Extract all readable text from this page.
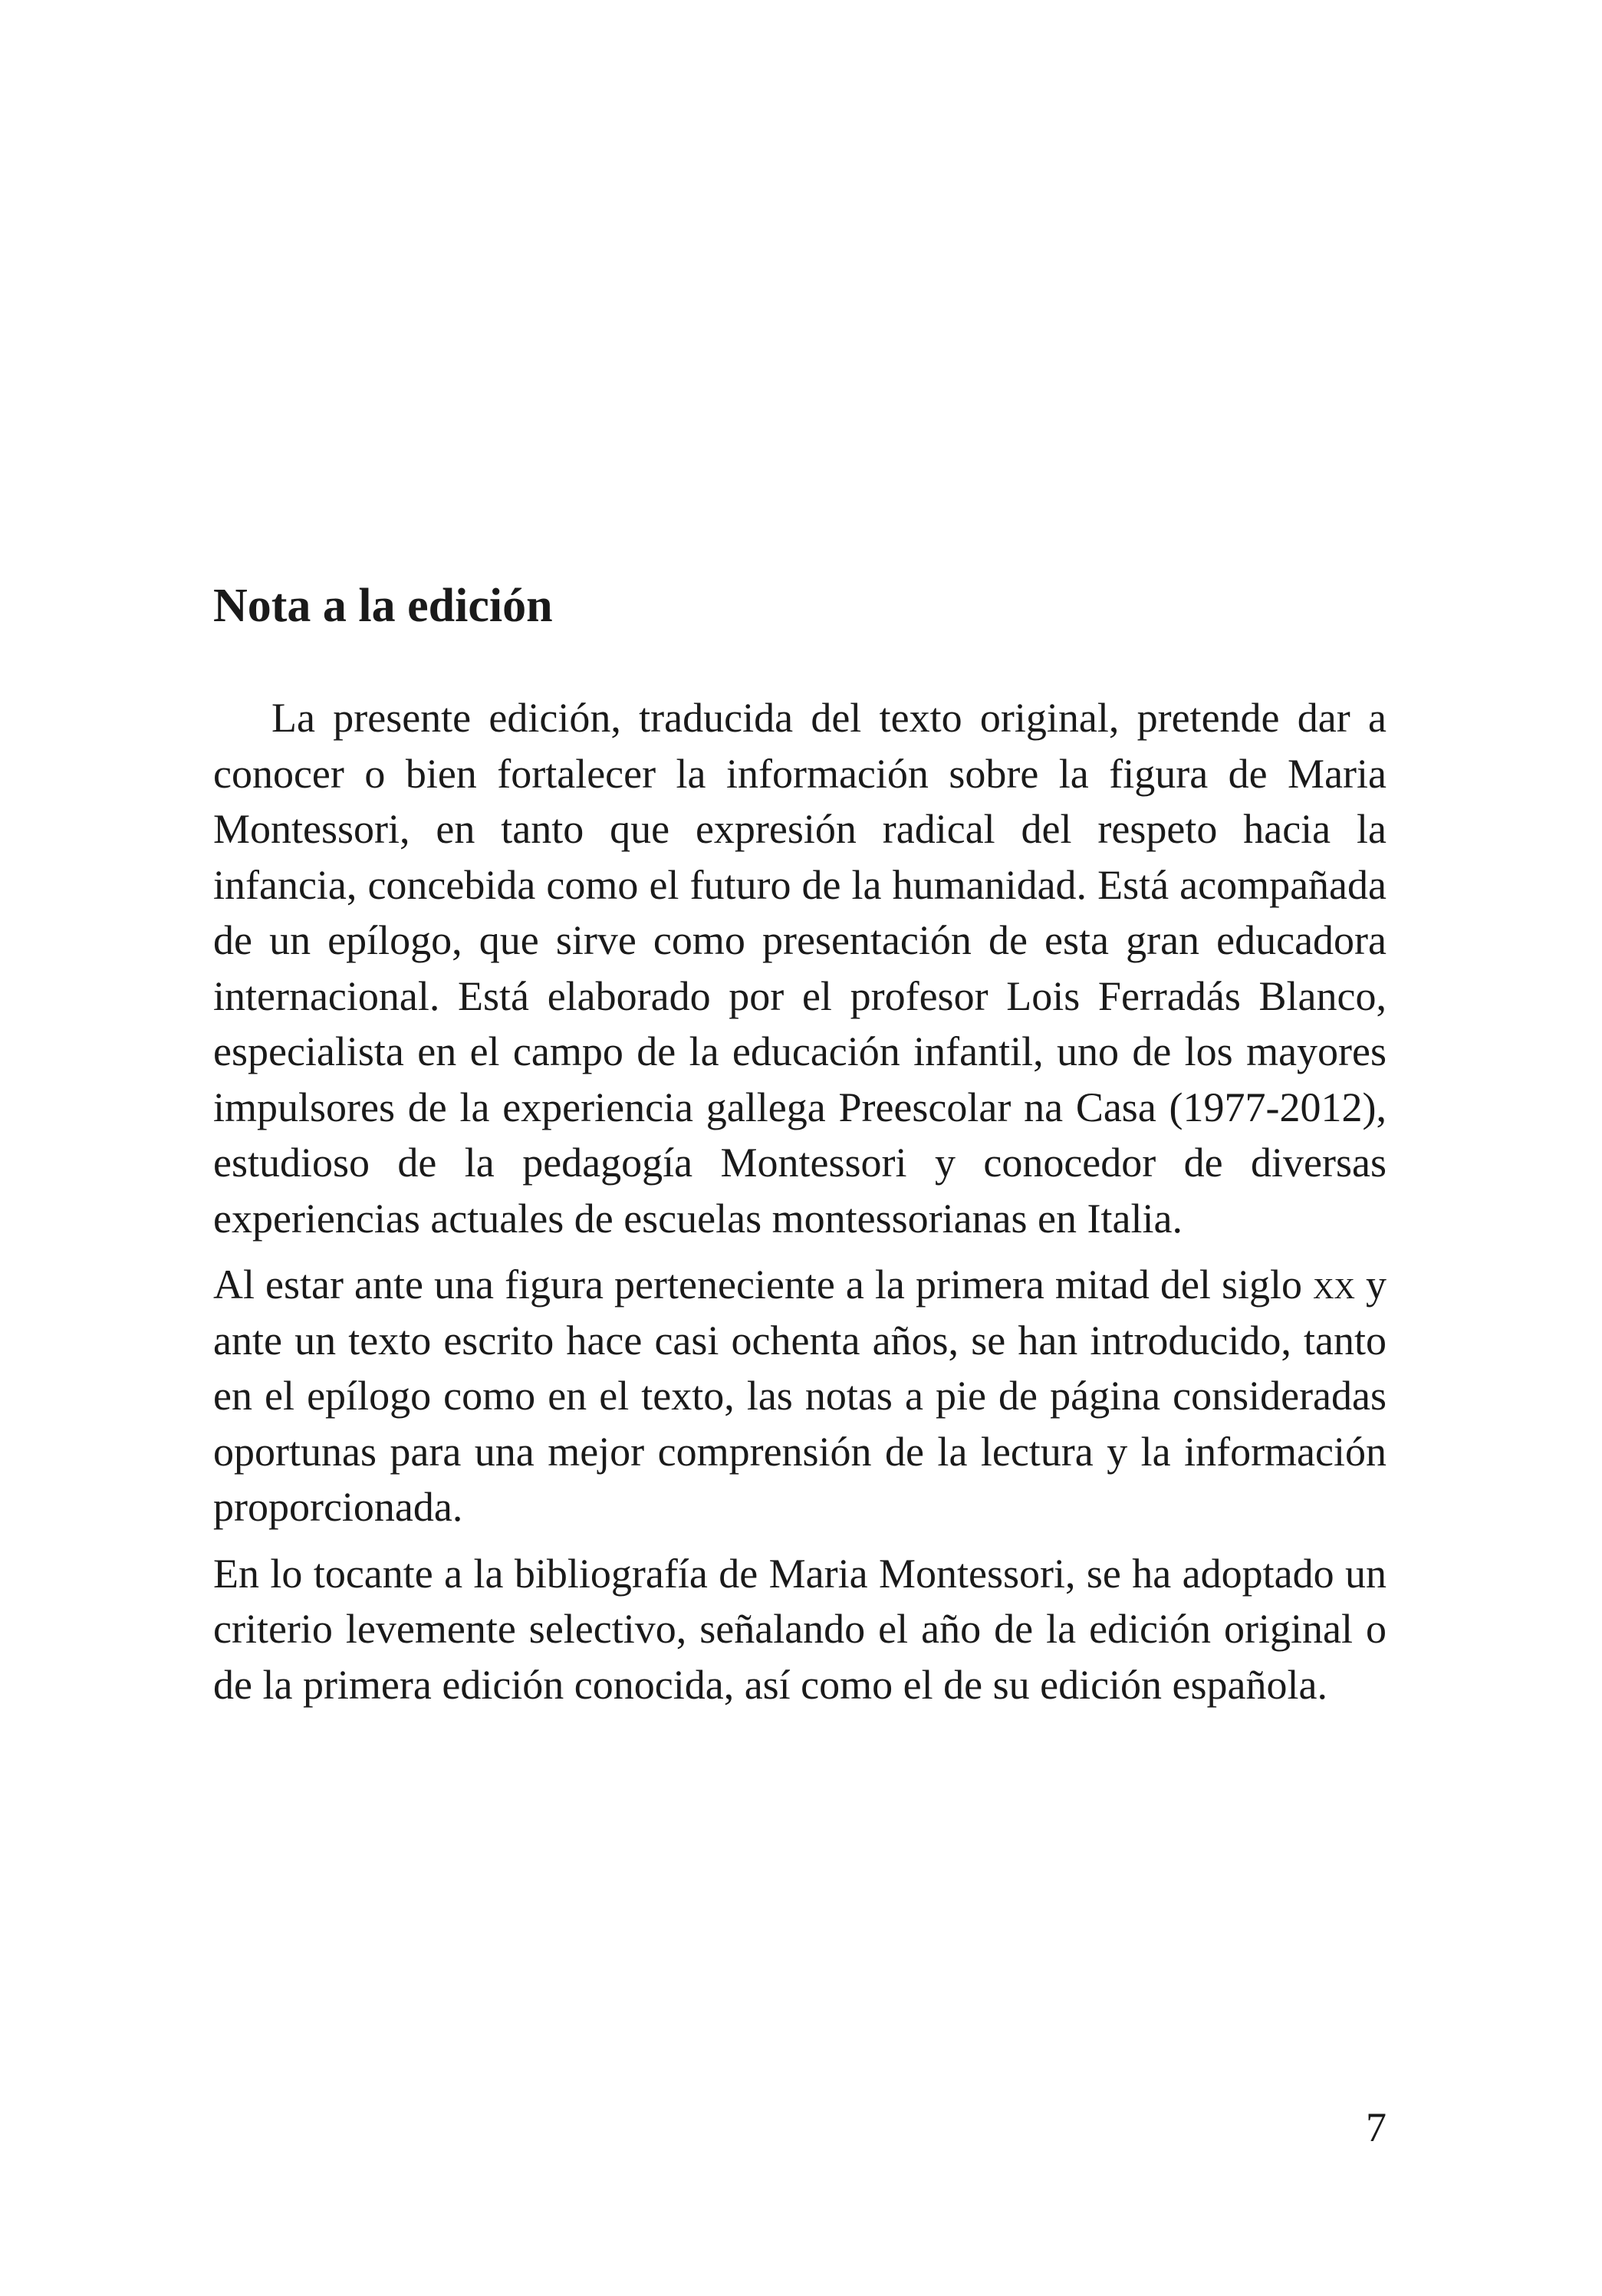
Nota a la edición

La presente edición, traducida del texto original, pretende dar a conocer o bien fortalecer la información sobre la figura de Maria Montessori, en tanto que expresión radical del respeto hacia la infancia, concebida como el futuro de la humanidad. Está acompañada de un epílogo, que sirve como presentación de esta gran educadora internacional. Está elaborado por el profesor Lois Ferradás Blanco, especialista en el campo de la educación infantil, uno de los mayores impulsores de la experiencia gallega Preescolar na Casa (1977-2012), estudioso de la pedagogía Montessori y conocedor de diversas experiencias actuales de escuelas montessorianas en Italia.

Al estar ante una figura perteneciente a la primera mitad del siglo xx y ante un texto escrito hace casi ochenta años, se han introducido, tanto en el epílogo como en el texto, las notas a pie de página consideradas oportunas para una mejor comprensión de la lectura y la información proporcionada.

En lo tocante a la bibliografía de Maria Montessori, se ha adoptado un criterio levemente selectivo, señalando el año de la edición original o de la primera edición conocida, así como el de su edición española.

7
